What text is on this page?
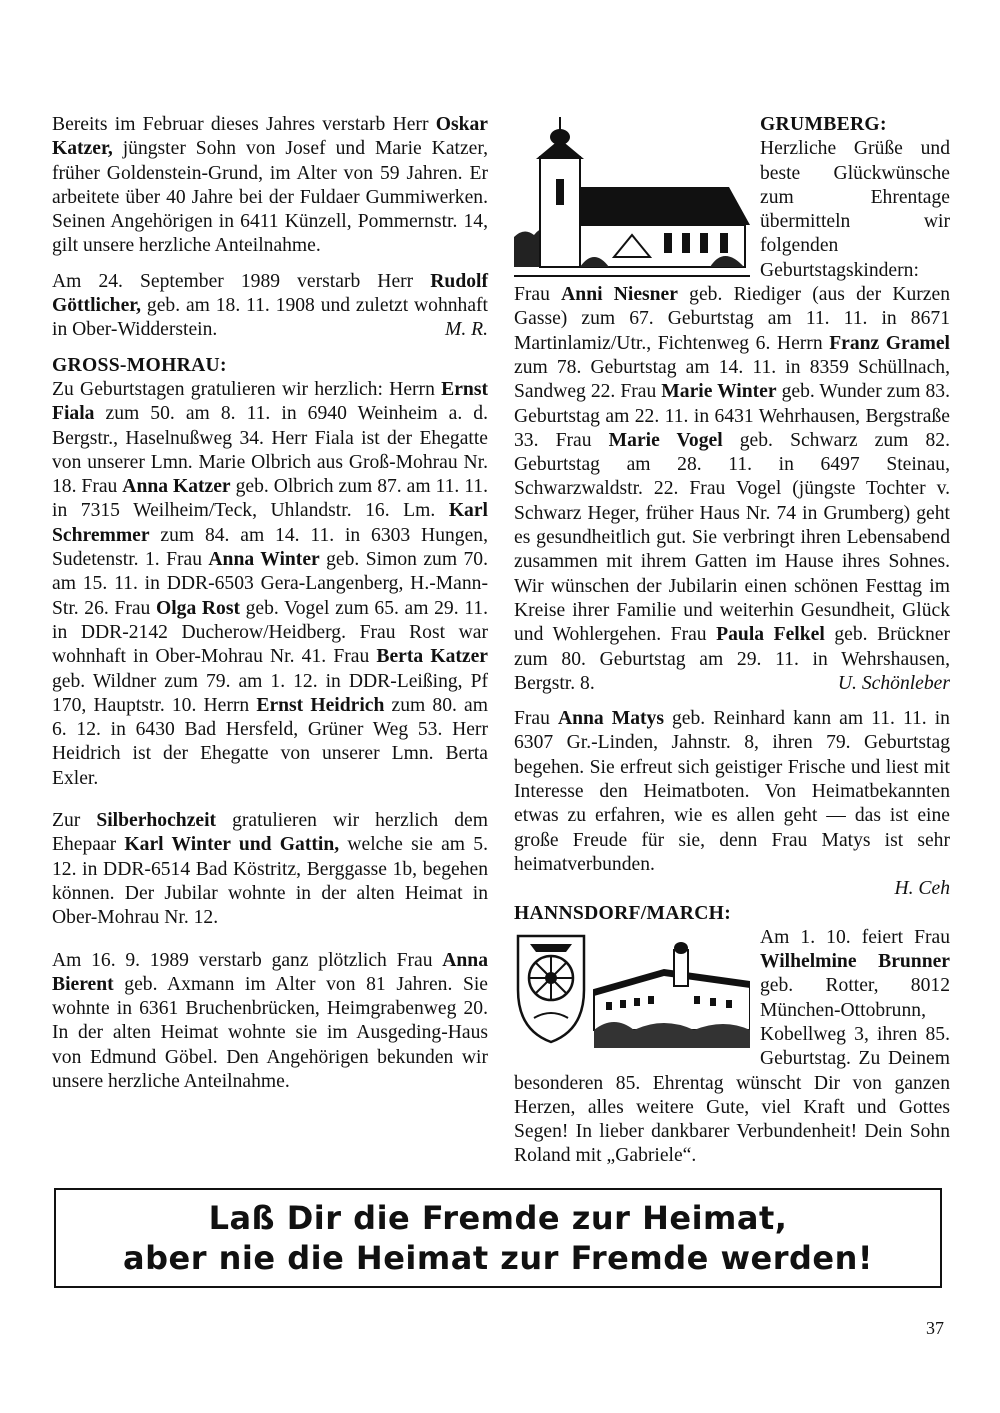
Bereits im Februar dieses Jahres verstarb Herr Oskar Katzer, jüngster Sohn von Josef und Marie Katzer, früher Goldenstein-Grund, im Alter von 59 Jahren. Er arbeitete über 40 Jahre bei der Fuldaer Gummiwerken. Seinen Angehörigen in 6411 Künzell, Pommernstr. 14, gilt unsere herzliche Anteilnahme.

Am 24. September 1989 verstarb Herr Rudolf Göttlicher, geb. am 18. 11. 1908 und zuletzt wohnhaft in Ober-Widderstein.	M. R.

GROSS-MOHRAU:

Zu Geburtstagen gratulieren wir herzlich: Herrn Ernst Fiala zum 50. am 8. 11. in 6940 Weinheim a. d. Bergstr., Haselnußweg 34. Herr Fiala ist der Ehegatte von unserer Lmn. Marie Olbrich aus Groß-Mohrau Nr. 18. Frau Anna Katzer geb. Olbrich zum 87. am 11. 11. in 7315 Weilheim/Teck, Uhlandstr. 16. Lm. Karl Schremmer zum 84. am 14. 11. in 6303 Hungen, Sudetenstr. 1. Frau Anna Winter geb. Simon zum 70. am 15. 11. in DDR-6503 Gera-Langenberg, H.-Mann-Str. 26. Frau Olga Rost geb. Vogel zum 65. am 29. 11. in DDR-2142 Ducherow/Heidberg. Frau Rost war wohnhaft in Ober-Mohrau Nr. 41. Frau Berta Katzer geb. Wildner zum 79. am 1. 12. in DDR-Leißing, Pf 170, Hauptstr. 10. Herrn Ernst Heidrich zum 80. am 6. 12. in 6430 Bad Hersfeld, Grüner Weg 53. Herr Heidrich ist der Ehegatte von unserer Lmn. Berta Exler.

Zur Silberhochzeit gratulieren wir herzlich dem Ehepaar Karl Winter und Gattin, welche sie am 5. 12. in DDR-6514 Bad Köstritz, Berggasse 1b, begehen können. Der Jubilar wohnte in der alten Heimat in Ober-Mohrau Nr. 12.

Am 16. 9. 1989 verstarb ganz plötzlich Frau Anna Bierent geb. Axmann im Alter von 81 Jahren. Sie wohnte in 6361 Bruchenbrücken, Heimgrabenweg 20. In der alten Heimat wohnte sie im Ausgeding-Haus von Edmund Göbel. Den Angehörigen bekunden wir unsere herzliche Anteilnahme.

GRUMBERG:

Herzliche Grüße und beste Glückwünsche zum Ehrentage übermitteln wir folgenden Geburtstagskindern: Frau Anni Niesner geb. Riediger (aus der Kurzen Gasse) zum 67. Geburtstag am 11. 11. in 8671 Martinlamiz/Utr., Fichtenweg 6. Herrn Franz Gramel zum 78. Geburtstag am 14. 11. in 8359 Schüllnach, Sandweg 22. Frau Marie Winter geb. Wunder zum 83. Geburtstag am 22. 11. in 6431 Wehrhausen, Bergstraße 33. Frau Marie Vogel geb. Schwarz zum 82. Geburtstag am 28. 11. in 6497 Steinau, Schwarzwaldstr. 22. Frau Vogel (jüngste Tochter v. Schwarz Heger, früher Haus Nr. 74 in Grumberg) geht es gesundheitlich gut. Sie verbringt ihren Lebensabend zusammen mit ihrem Gatten im Hause ihres Sohnes. Wir wünschen der Jubilarin einen schönen Festtag im Kreise ihrer Familie und weiterhin Gesundheit, Glück und Wohlergehen. Frau Paula Felkel geb. Brückner zum 80. Geburtstag am 29. 11. in Wehrshausen, Bergstr. 8.	U. Schönleber

Frau Anna Matys geb. Reinhard kann am 11. 11. in 6307 Gr.-Linden, Jahnstr. 8, ihren 79. Geburtstag begehen. Sie erfreut sich geistiger Frische und liest mit Interesse den Heimatboten. Von Heimatbekannten etwas zu erfahren, wie es allen geht — das ist eine große Freude für sie, denn Frau Matys ist sehr heimatverbunden.

H. Ceh
HANNSDORF/MARCH:

Am 1. 10. feiert Frau Wilhelmine Brunner geb. Rotter, 8012 München-Ottobrunn, Kobellweg 3, ihren 85. Geburtstag. Zu Deinem besonderen 85. Ehrentag wünscht Dir von ganzen Herzen, alles weitere Gute, viel Kraft und Gottes Segen! In lieber dankbarer Verbundenheit! Dein Sohn Roland mit „Gabriele“.

Laß Dir die Fremde zur Heimat,
aber nie die Heimat zur Fremde werden!
37
